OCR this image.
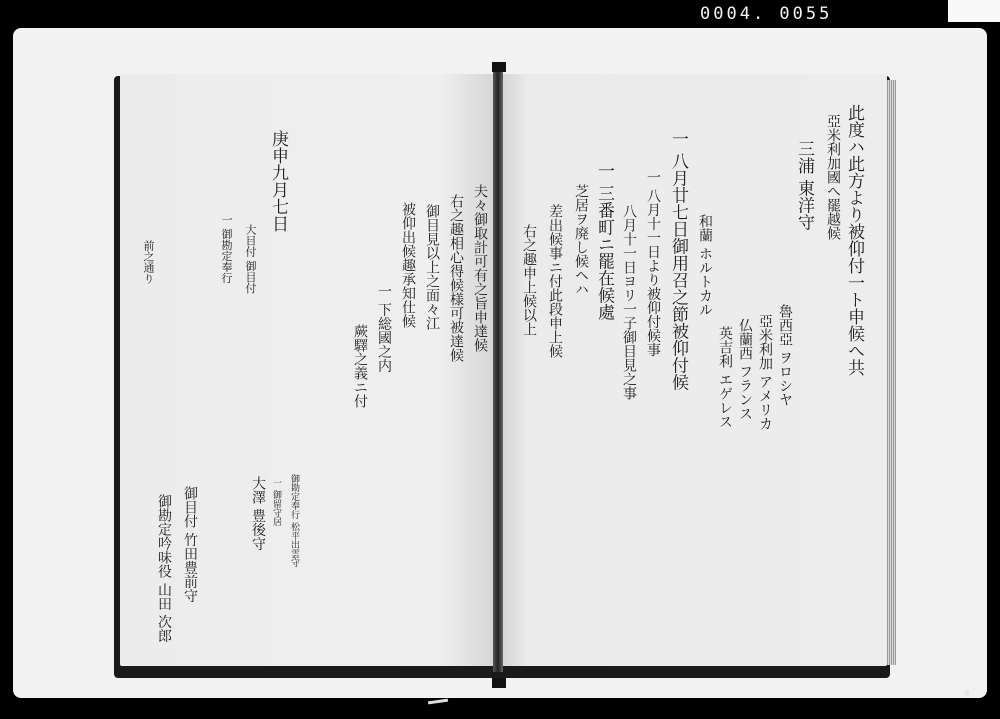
0004. 0055
此度ハ此方より被仰付一ト申候へ共
亞米利加國へ罷越候
三浦 東洋守
魯西亞 ヲロシヤ
亞米利加 アメリカ
仏蘭西 フランス
英吉利 エゲレス
和蘭 ホルトカル
一 八月廿七日御用召之節被仰付候
一 八月十一日より被仰付候事
八月十一日ヨリ一子御目見之事
一 三番町ニ罷在候處
芝居ヲ廃し候ヘハ
差出候事ニ付此段申上候
右之趣申上候以上
夫々御取計可有之旨申達候
右之趣相心得候様可被達候
御目見以上之面々江
被仰出候趣承知仕候
一 下総國之内
蕨驛之義ニ付
庚申九月七日
大目付 御目付
一 御勘定奉行
前之通り
御勘定奉行 松平出雲守
一 御留守居
大澤 豊後守
御目付 竹田豊前守
御勘定吟味役 山田 次郎
